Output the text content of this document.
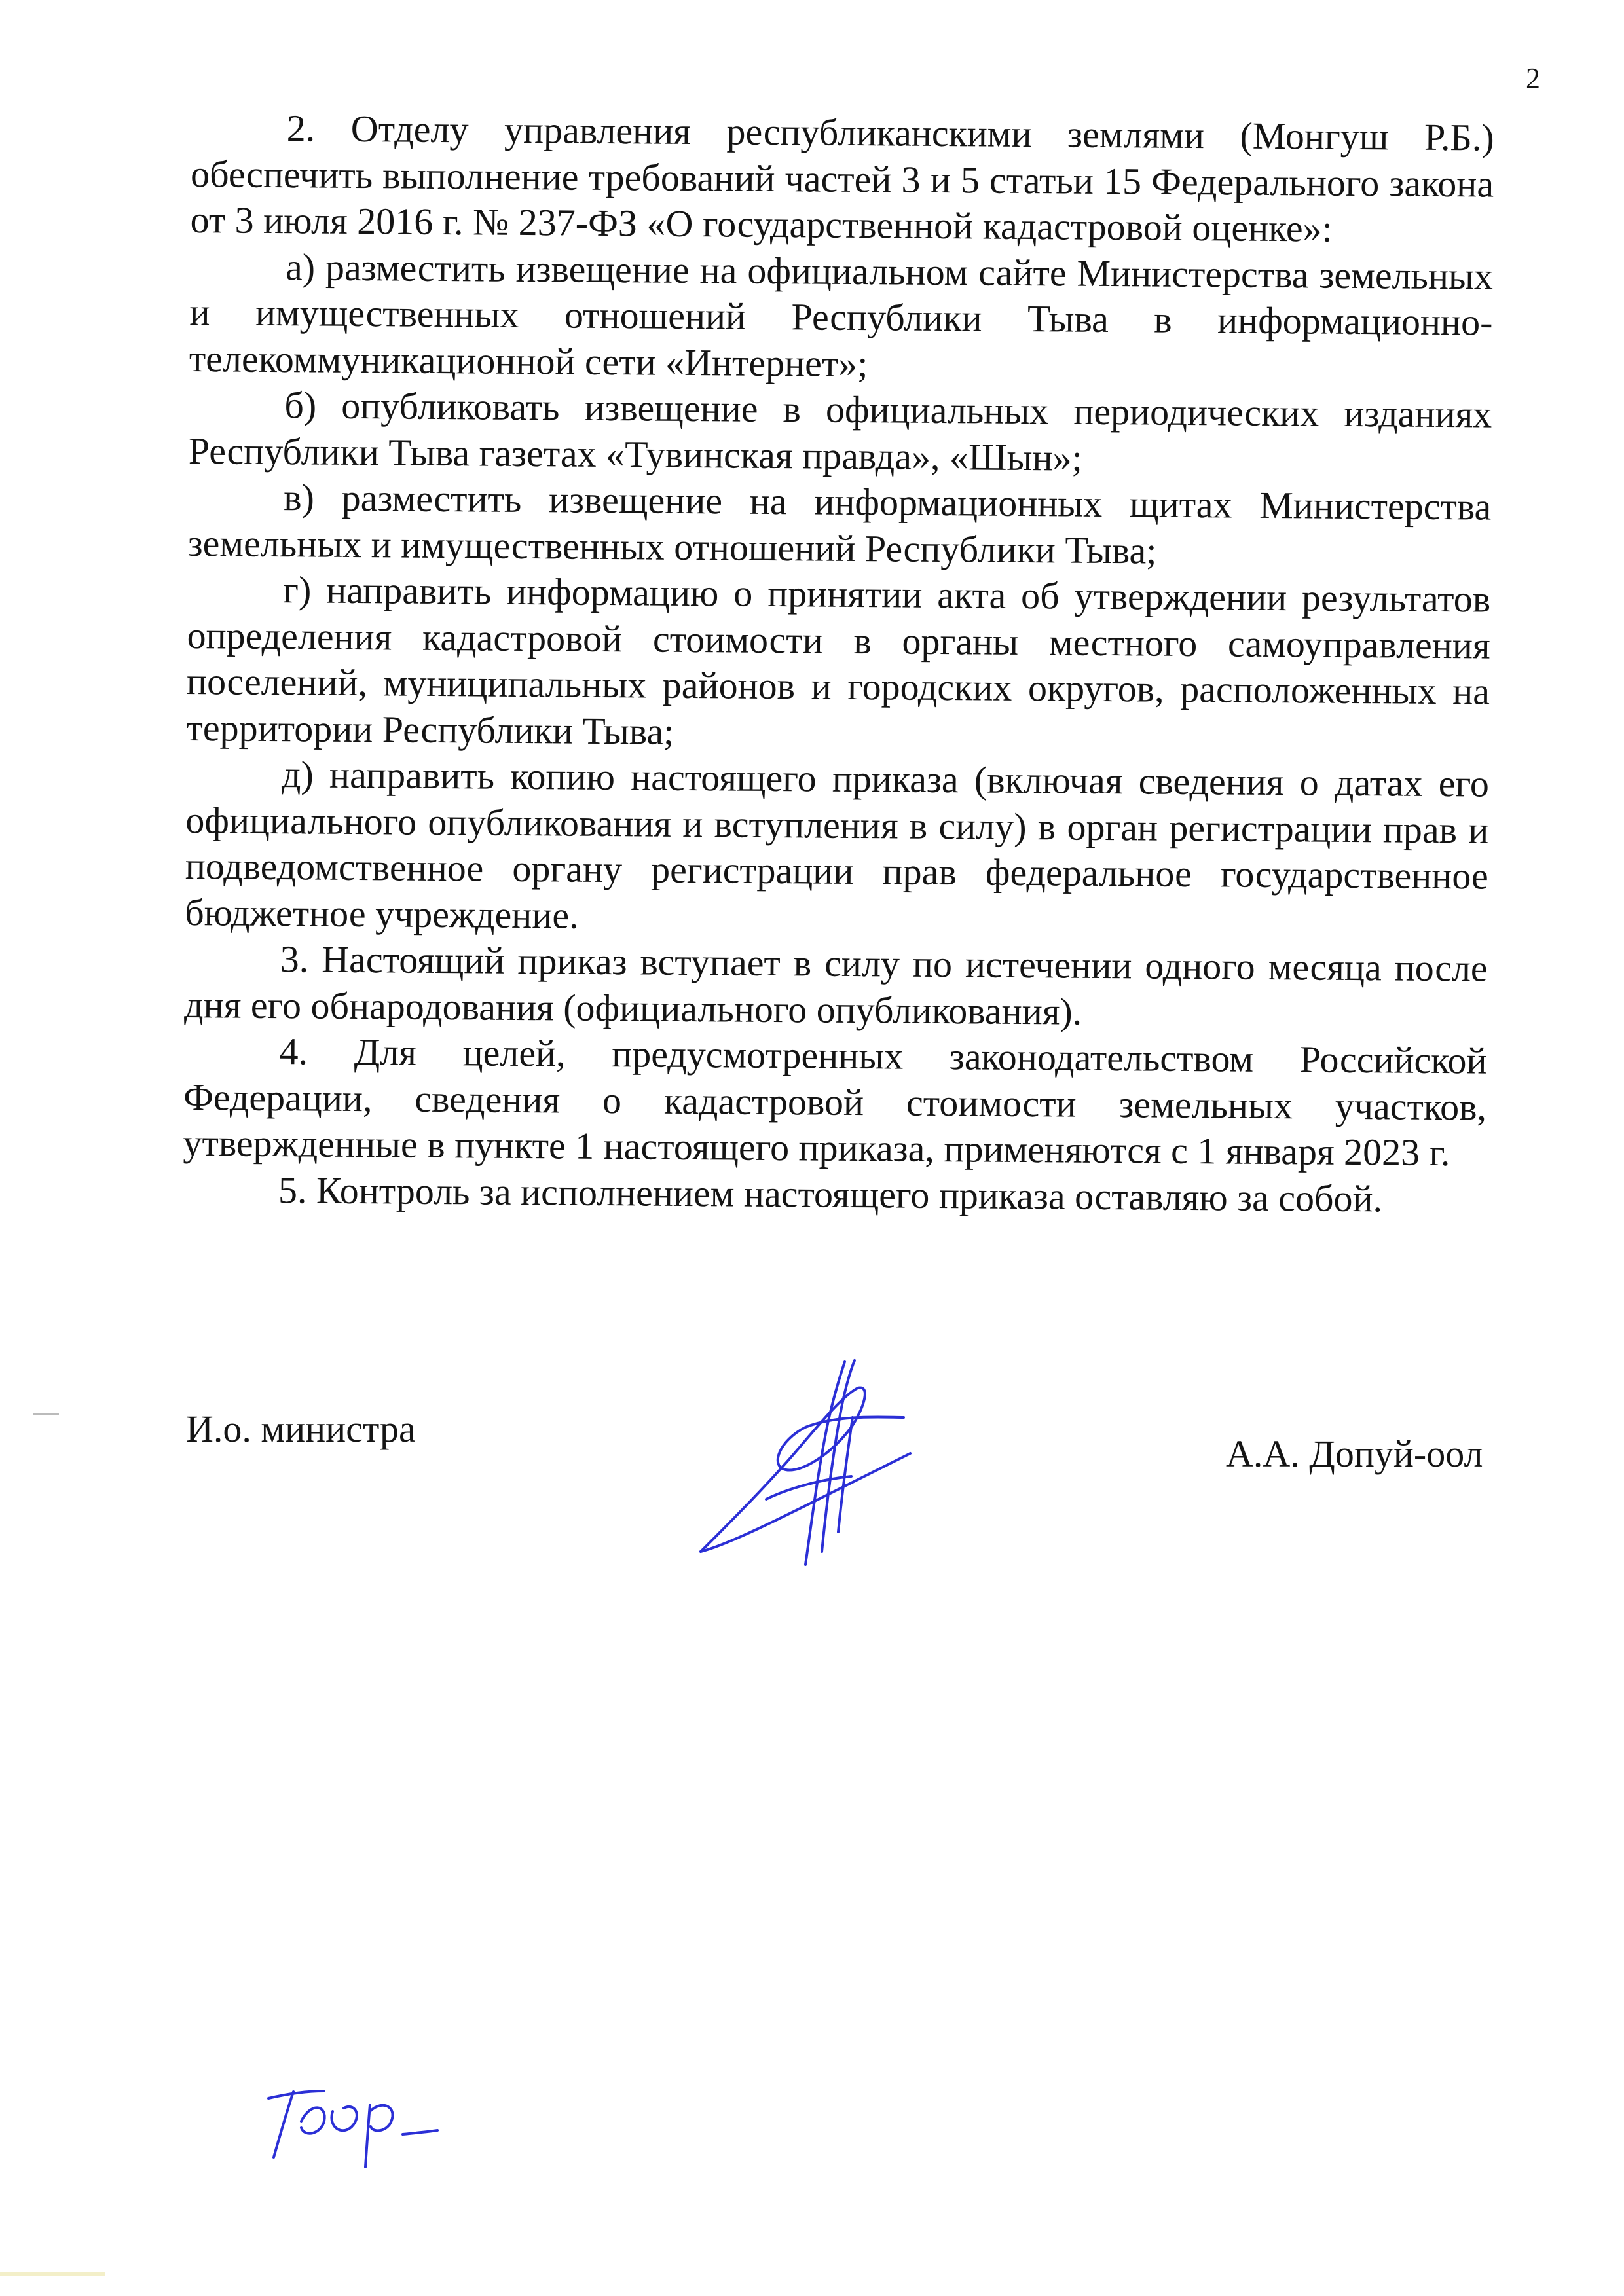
2

2. Отделу управления республиканскими землями (Монгуш Р.Б.) обеспечить выполнение требований частей 3 и 5 статьи 15 Федерального закона от 3 июля 2016 г. № 237-ФЗ «О государственной кадастровой оценке»:

а) разместить извещение на официальном сайте Министерства земельных и имущественных отношений Республики Тыва в информационно-телекоммуникационной сети «Интернет»;

б) опубликовать извещение в официальных периодических изданиях Республики Тыва газетах «Тувинская правда», «Шын»;

в) разместить извещение на информационных щитах Министерства земельных и имущественных отношений Республики Тыва;

г) направить информацию о принятии акта об утверждении результатов определения кадастровой стоимости в органы местного самоуправления поселений, муниципальных районов и городских округов, расположенных на территории Республики Тыва;

д) направить копию настоящего приказа (включая сведения о датах его официального опубликования и вступления в силу) в орган регистрации прав и подведомственное органу регистрации прав федеральное государственное бюджетное учреждение.

3. Настоящий приказ вступает в силу по истечении одного месяца после дня его обнародования (официального опубликования).

4. Для целей, предусмотренных законодательством Российской Федерации, сведения о кадастровой стоимости земельных участков, утвержденные в пункте 1 настоящего приказа, применяются с 1 января 2023 г.

5. Контроль за исполнением настоящего приказа оставляю за собой.

И.о. министра
А.А. Допуй-оол
